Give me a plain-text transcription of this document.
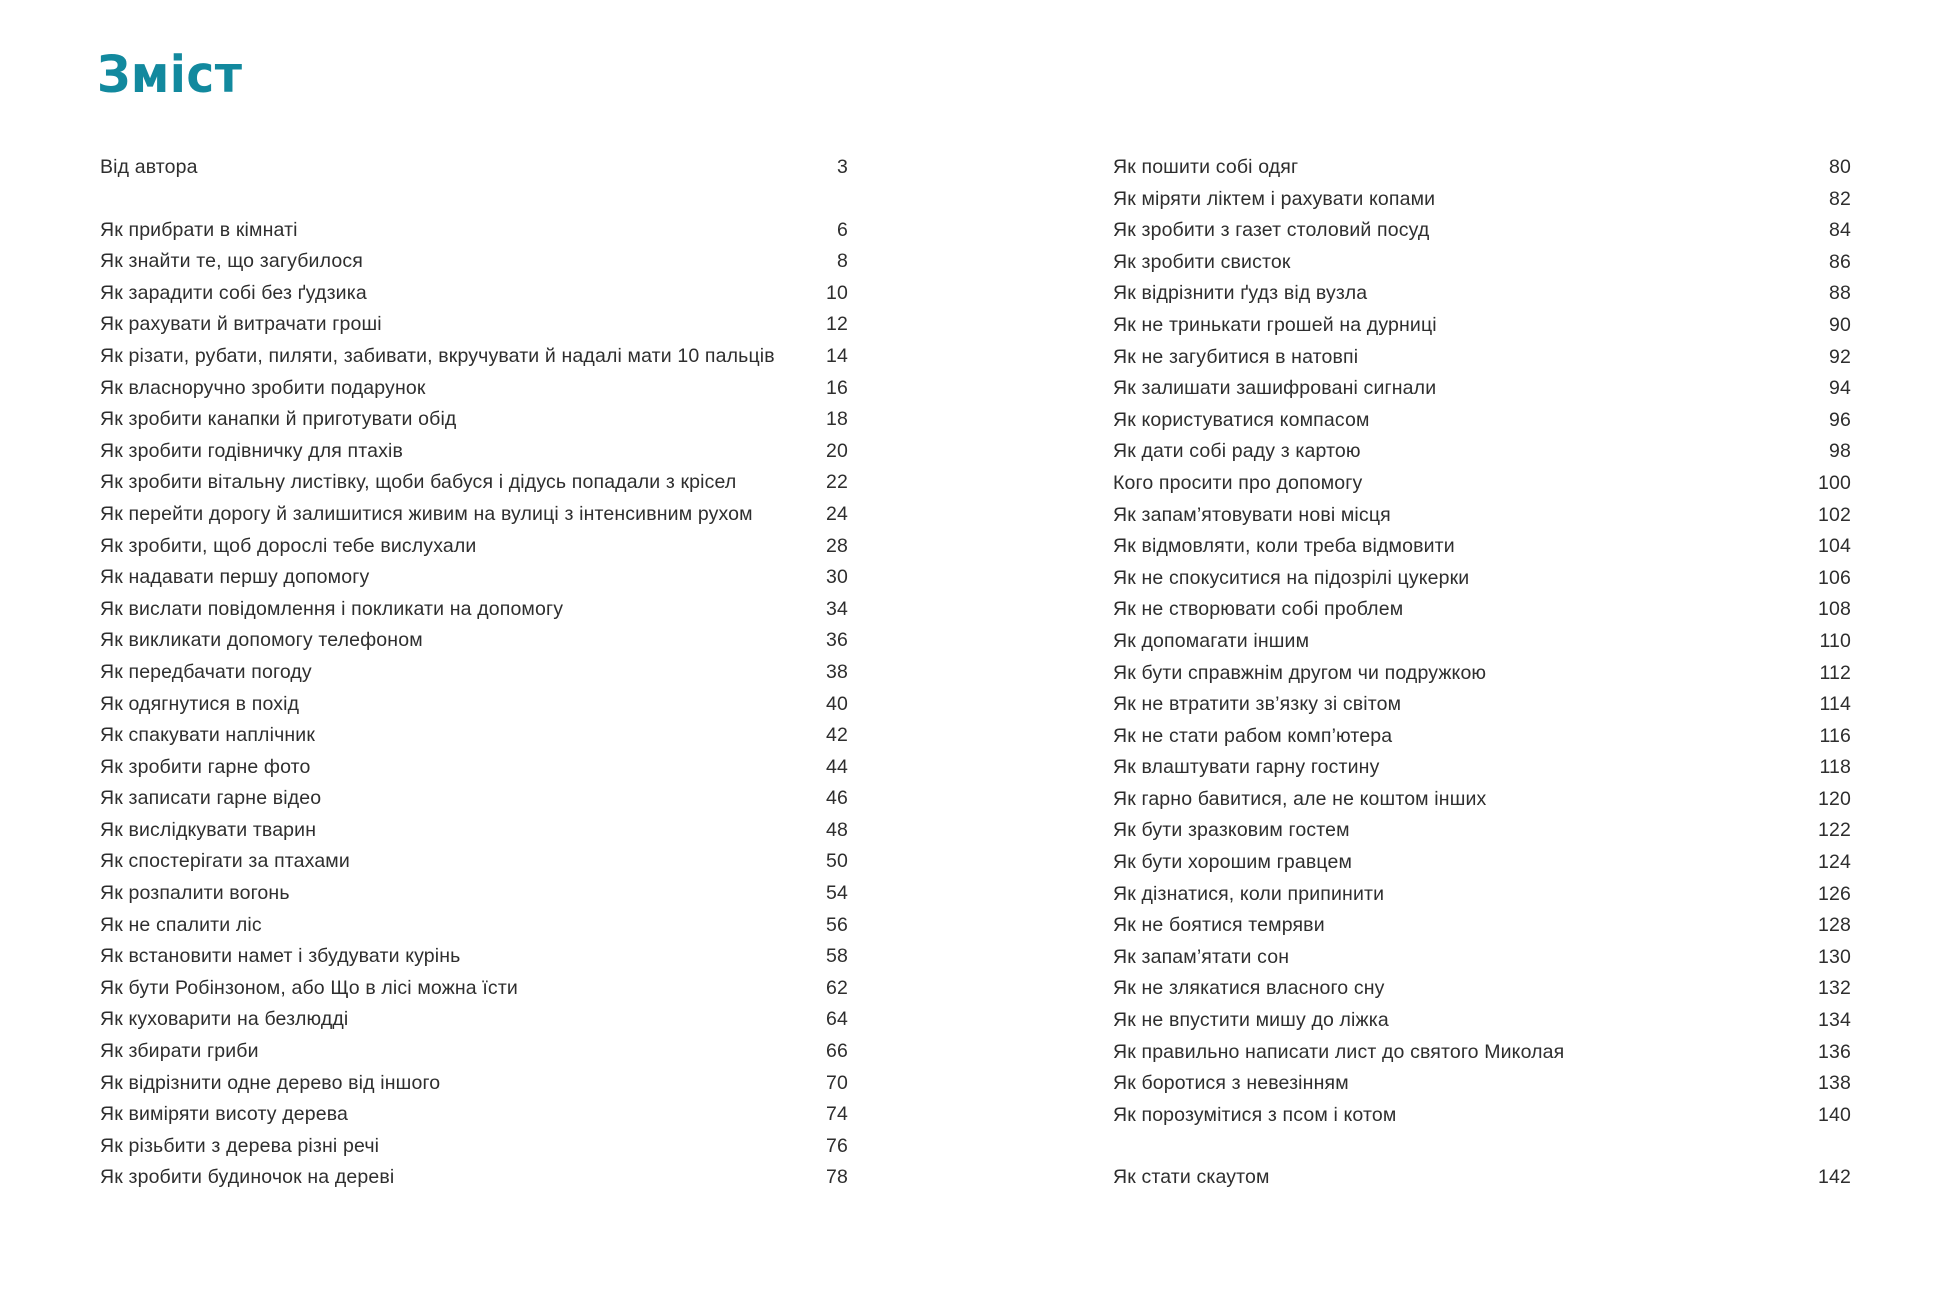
Зміст
Від автора	3
Як прибрати в кімнаті	6
Як знайти те, що загубилося	8
Як зарадити собі без ґудзика	10
Як рахувати й витрачати гроші	12
Як різати, рубати, пиляти, забивати, вкручувати й надалі мати 10 пальців	14
Як власноручно зробити подарунок	16
Як зробити канапки й приготувати обід	18
Як зробити годівничку для птахів	20
Як зробити вітальну листівку, щоби бабуся і дідусь попадали з крісел	22
Як перейти дорогу й залишитися живим на вулиці з інтенсивним рухом	24
Як зробити, щоб дорослі тебе вислухали	28
Як надавати першу допомогу	30
Як вислати повідомлення і покликати на допомогу	34
Як викликати допомогу телефоном	36
Як передбачати погоду	38
Як одягнутися в похід	40
Як спакувати наплічник	42
Як зробити гарне фото	44
Як записати гарне відео	46
Як вислідкувати тварин	48
Як спостерігати за птахами	50
Як розпалити вогонь	54
Як не спалити ліс	56
Як встановити намет і збудувати курінь	58
Як бути Робінзоном, або Що в лісі можна їсти	62
Як куховарити на безлюдді	64
Як збирати гриби	66
Як відрізнити одне дерево від іншого	70
Як виміряти висоту дерева	74
Як різьбити з дерева різні речі	76
Як зробити будиночок на дереві	78
Як пошити собі одяг	80
Як міряти ліктем і рахувати копами	82
Як зробити з газет столовий посуд	84
Як зробити свисток	86
Як відрізнити ґудз від вузла	88
Як не тринькати грошей на дурниці	90
Як не загубитися в натовпі	92
Як залишати зашифровані сигнали	94
Як користуватися компасом	96
Як дати собі раду з картою	98
Кого просити про допомогу	100
Як запам’ятовувати нові місця	102
Як відмовляти, коли треба відмовити	104
Як не спокуситися на підозрілі цукерки	106
Як не створювати собі проблем	108
Як допомагати іншим	110
Як бути справжнім другом чи подружкою	112
Як не втратити зв’язку зі світом	114
Як не стати рабом комп’ютера	116
Як влаштувати гарну гостину	118
Як гарно бавитися, але не коштом інших	120
Як бути зразковим гостем	122
Як бути хорошим гравцем	124
Як дізнатися, коли припинити	126
Як не боятися темряви	128
Як запам’ятати сон	130
Як не злякатися власного сну	132
Як не впустити мишу до ліжка	134
Як правильно написати лист до святого Миколая	136
Як боротися з невезінням	138
Як порозумітися з псом і котом	140
Як стати скаутом	142
